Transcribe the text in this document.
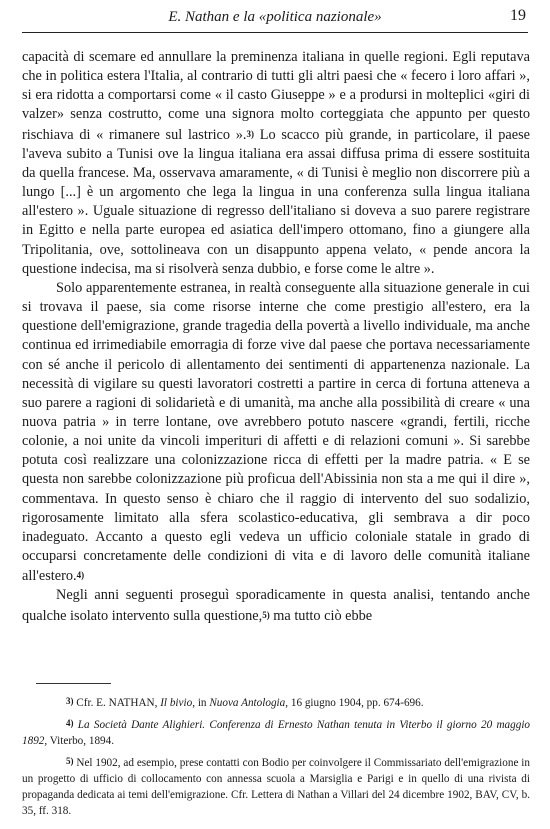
E. Nathan e la «politica nazionale»	19

capacità di scemare ed annullare la preminenza italiana in quelle regioni. Egli reputava che in politica estera l'Italia, al contrario di tutti gli altri paesi che « fecero i loro affari », si era ridotta a comportarsi come « il casto Giuseppe » e a prodursi in molteplici «giri di valzer» senza costrutto, come una signora molto corteggiata che appunto per questo rischiava di « rimanere sul lastrico ».$^{3)}$ Lo scacco più grande, in particolare, il paese l'aveva subito a Tunisi ove la lingua italiana era assai diffusa prima di essere sostituita da quella francese. Ma, osservava amaramente, « di Tunisi è meglio non discorrere più a lungo [...] è un argomento che lega la lingua in una conferenza sulla lingua italiana all'estero ». Uguale situazione di regresso dell'italiano si doveva a suo parere registrare in Egitto e nella parte europea ed asiatica dell'impero ottomano, fino a giungere alla Tripolitania, ove, sottolineava con un disappunto appena velato, « pende ancora la questione indecisa, ma si risolverà senza dubbio, e forse come le altre ».

Solo apparentemente estranea, in realtà conseguente alla situazione generale in cui si trovava il paese, sia come risorse interne che come prestigio all'estero, era la questione dell'emigrazione, grande tragedia della povertà a livello individuale, ma anche continua ed irrimediabile emorragia di forze vive dal paese che portava necessariamente con sé anche il pericolo di allentamento dei sentimenti di appartenenza nazionale. La necessità di vigilare su questi lavoratori costretti a partire in cerca di fortuna atteneva a suo parere a ragioni di solidarietà e di umanità, ma anche alla possibilità di creare « una nuova patria » in terre lontane, ove avrebbero potuto nascere «grandi, fertili, ricche colonie, a noi unite da vincoli imperituri di affetti e di relazioni comuni ». Si sarebbe potuta così realizzare una colonizzazione ricca di effetti per la madre patria. « E se questa non sarebbe colonizzazione più proficua dell'Abissinia non sta a me qui il dire », commentava. In questo senso è chiaro che il raggio di intervento del suo sodalizio, rigorosamente limitato alla sfera scolastico-educativa, gli sembrava a dir poco inadeguato. Accanto a questo egli vedeva un ufficio coloniale statale in grado di occuparsi concretamente delle condizioni di vita e di lavoro delle comunità italiane all'estero.$^{4)}$

Negli anni seguenti proseguì sporadicamente in questa analisi, tentando anche qualche isolato intervento sulla questione,$^{5)}$ ma tutto ciò ebbe

3) Cfr. E. NATHAN, Il bivio, in Nuova Antologia, 16 giugno 1904, pp. 674-696.

4) La Società Dante Alighieri. Conferenza di Ernesto Nathan tenuta in Viterbo il giorno 20 maggio 1892, Viterbo, 1894.

5) Nel 1902, ad esempio, prese contatti con Bodio per coinvolgere il Commissariato dell'emigrazione in un progetto di ufficio di collocamento con annessa scuola a Marsiglia e Parigi e in quello di una rivista di propaganda dedicata ai temi dell'emigrazione. Cfr. Lettera di Nathan a Villari del 24 dicembre 1902, BAV, CV, b. 35, ff. 318.
